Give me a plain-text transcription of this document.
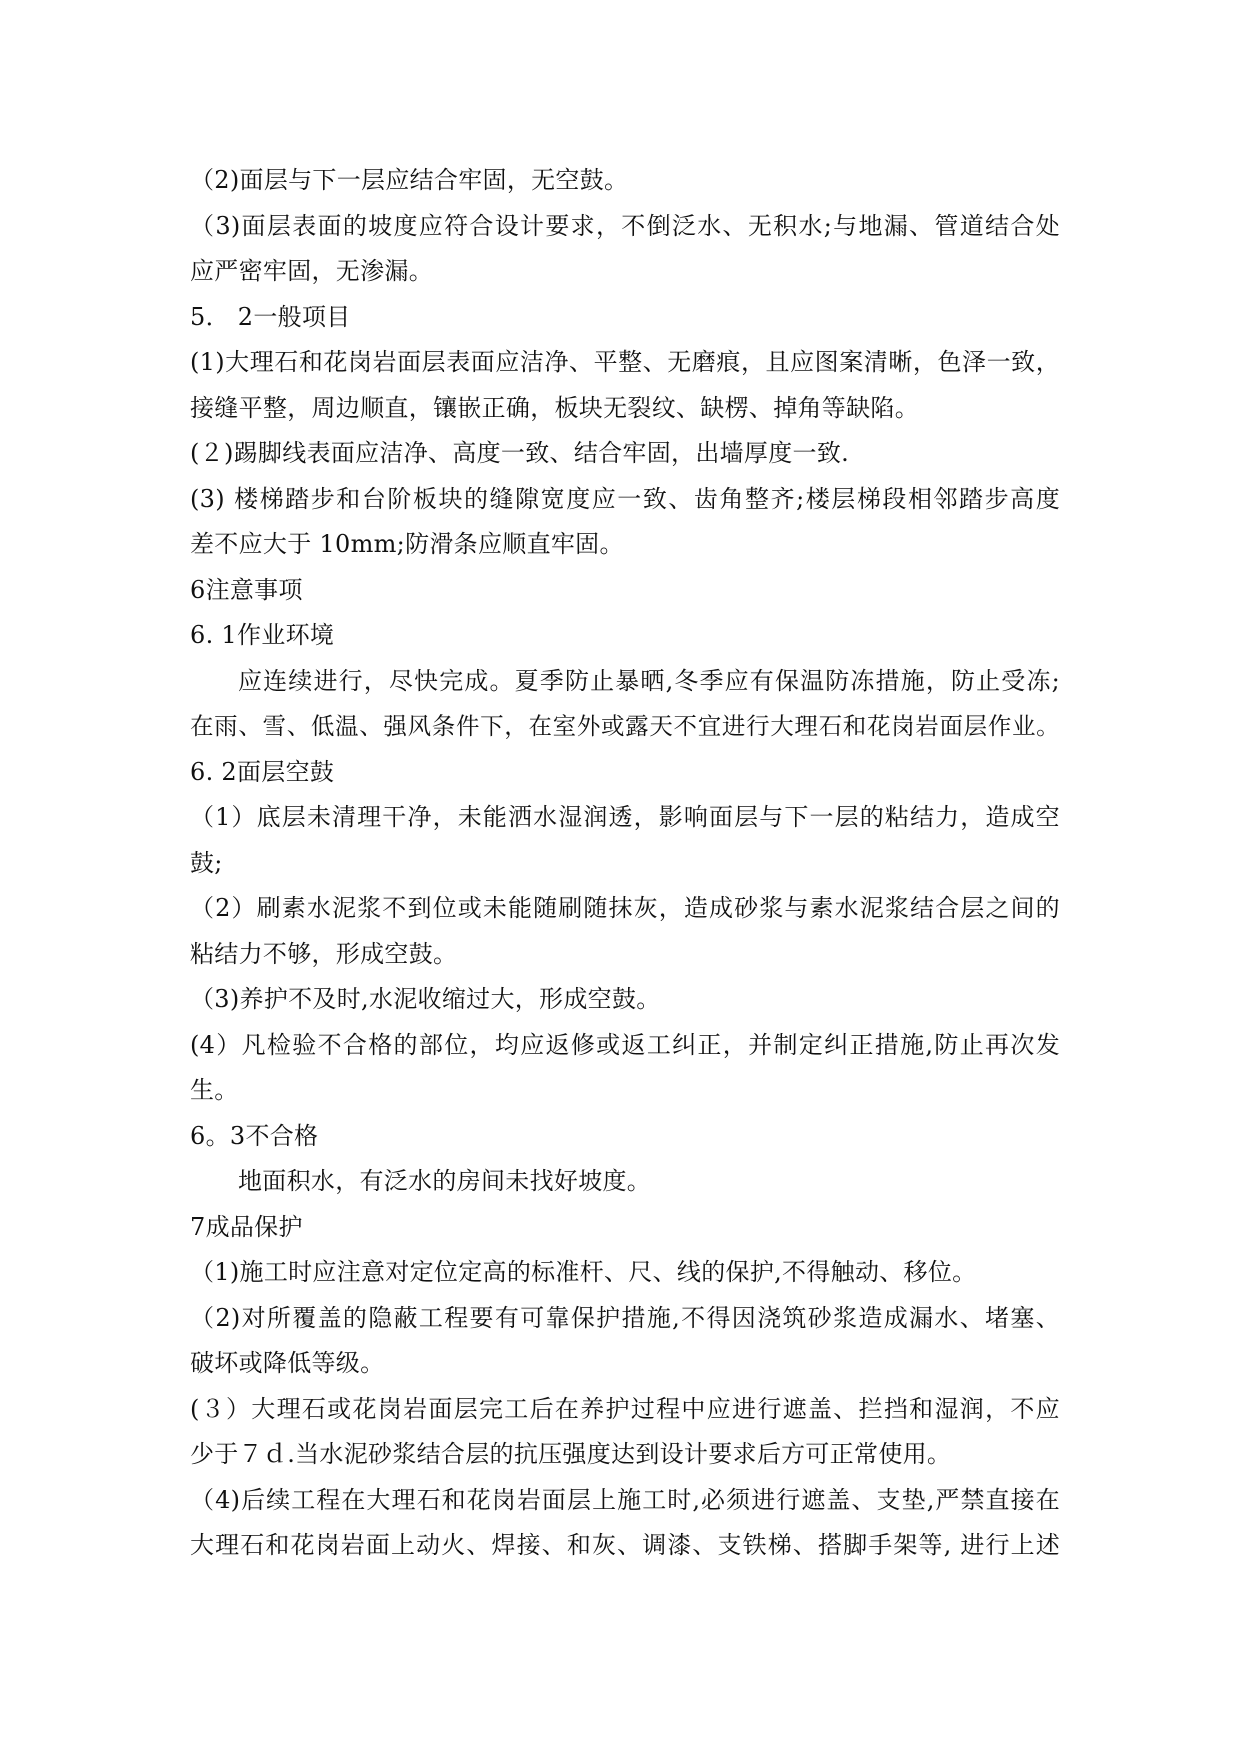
（2)面层与下一层应结合牢固，无空鼓。
（3)面层表面的坡度应符合设计要求，不倒泛水、无积水;与地漏、管道结合处
应严密牢固，无渗漏。
5． 2一般项目
(1)大理石和花岗岩面层表面应洁净、平整、无磨痕，且应图案清晰，色泽一致，
接缝平整，周边顺直，镶嵌正确，板块无裂纹、缺楞、掉角等缺陷。
(２)踢脚线表面应洁净、高度一致、结合牢固，出墙厚度一致.
(3) 楼梯踏步和台阶板块的缝隙宽度应一致、齿角整齐;楼层梯段相邻踏步高度
差不应大于 10mm;防滑条应顺直牢固。
6注意事项
6. 1作业环境
应连续进行，尽快完成。夏季防止暴晒,冬季应有保温防冻措施，防止受冻;
在雨、雪、低温、强风条件下，在室外或露天不宜进行大理石和花岗岩面层作业。
6. 2面层空鼓
（1）底层未清理干净，未能洒水湿润透，影响面层与下一层的粘结力，造成空
鼓;
（2）刷素水泥浆不到位或未能随刷随抹灰，造成砂浆与素水泥浆结合层之间的
粘结力不够，形成空鼓。
（3)养护不及时,水泥收缩过大，形成空鼓。
(4）凡检验不合格的部位，均应返修或返工纠正，并制定纠正措施,防止再次发
生。
6。3不合格
地面积水，有泛水的房间未找好坡度。
7成品保护
（1)施工时应注意对定位定高的标准杆、尺、线的保护,不得触动、移位。
（2)对所覆盖的隐蔽工程要有可靠保护措施,不得因浇筑砂浆造成漏水、堵塞、
破坏或降低等级。
(３）大理石或花岗岩面层完工后在养护过程中应进行遮盖、拦挡和湿润，不应
少于７ｄ.当水泥砂浆结合层的抗压强度达到设计要求后方可正常使用。
（4)后续工程在大理石和花岗岩面层上施工时,必须进行遮盖、支垫,严禁直接在
大理石和花岗岩面上动火、焊接、和灰、调漆、支铁梯、搭脚手架等, 进行上述
